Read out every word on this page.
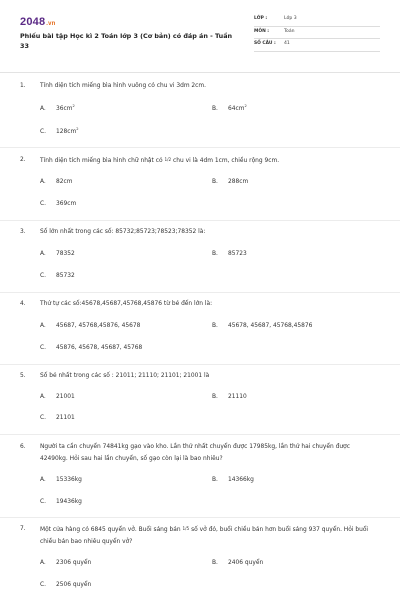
2048.vn
Phiếu bài tập Học kì 2 Toán lớp 3 (Cơ bản) có đáp án - Tuần 33
LỚP :	Lớp 3
MÔN :	Toán
SỐ CÂU : 41
1. Tính diện tích miếng bìa hình vuông có chu vi 3dm 2cm.
A. $36cm^2$	B. $64cm^2$
C. $128cm^2$
2. Tính diện tích miếng bìa hình chữ nhật có 1/2 chu vi là 4dm 1cm, chiều rộng 9cm.
A. 82cm	B. 288cm
C. 369cm
3. Số lớn nhất trong các số: 85732;85723;78523;78352 là:
A. 78352	B. 85723
C. 85732
4. Thứ tự các số:45678,45687,45768,45876 từ bé đến lớn là:
A. 45687, 45768,45876, 45678	B. 45678, 45687, 45768,45876
C. 45876, 45678, 45687, 45768
5. Số bé nhất trong các số : 21011; 21110; 21101; 21001 là
A. 21001	B. 21110
C. 21101
6. Người ta cần chuyển 74841kg gạo vào kho. Lần thứ nhất chuyển được 17985kg, lần thứ hai chuyển được 42490kg. Hỏi sau hai lần chuyển, số gạo còn lại là bao nhiêu?
A. 15336kg	B. 14366kg
C. 19436kg
7. Một cửa hàng có 6845 quyển vở. Buổi sáng bán 1/5 số vở đó, buổi chiều bán hơn buổi sáng 937 quyển. Hỏi buổi chiều bán bao nhiêu quyển vở?
A. 2306 quyển	B. 2406 quyển
C. 2506 quyển
